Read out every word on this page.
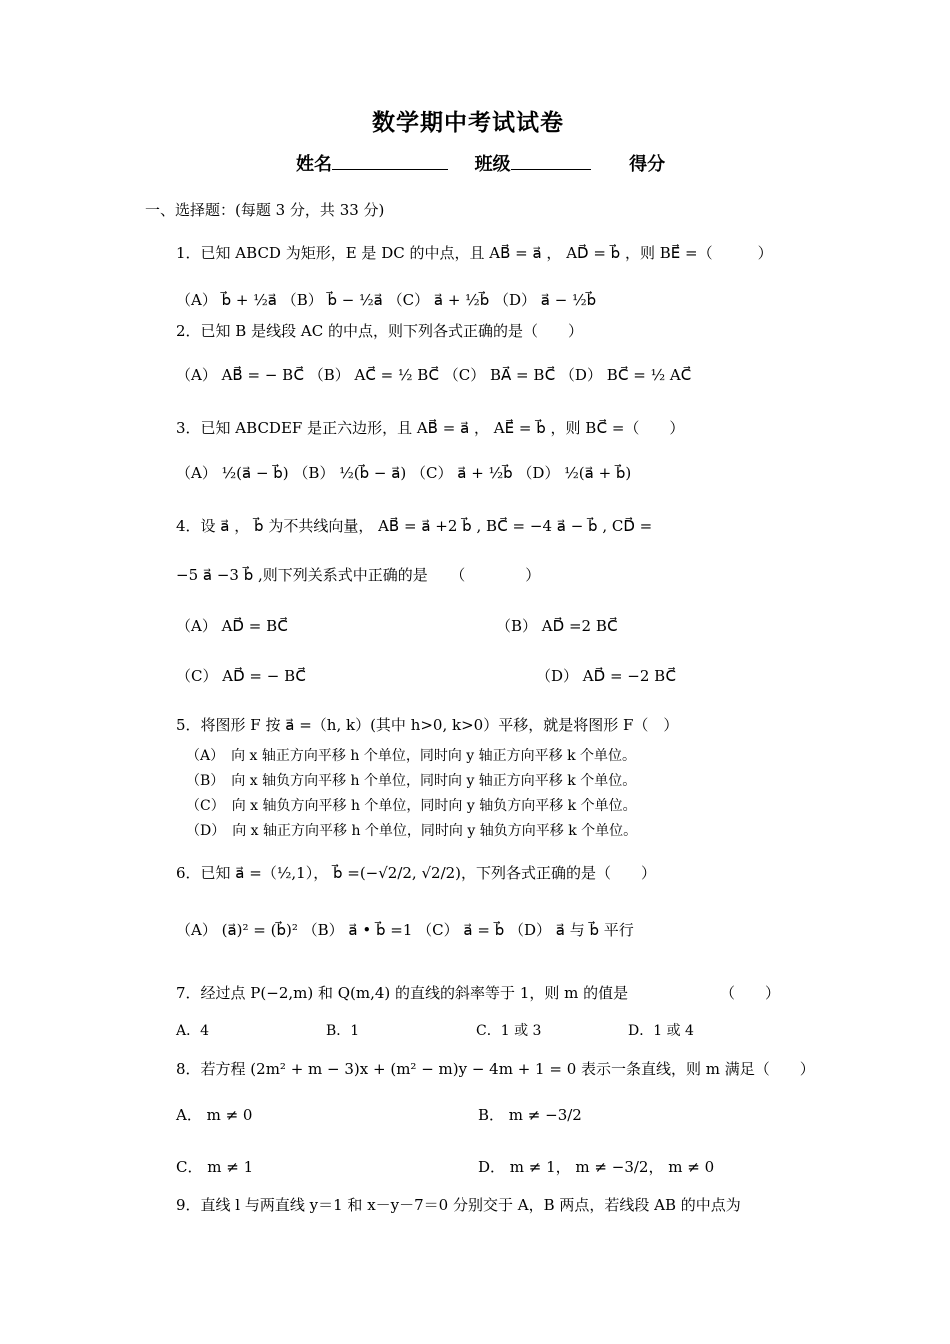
数学期中考试试卷
姓名	班级	得分
一、选择题：(每题 3 分，共 33 分)
1．已知 ABCD 为矩形，E 是 DC 的中点，且 AB⃗ = a⃗ ， AD⃗ = b⃗ ，则 BE⃗ =（　　　）
（A） b⃗ + ½a⃗ （B） b⃗ − ½a⃗ （C） a⃗ + ½b⃗ （D） a⃗ − ½b⃗
2．已知 B 是线段 AC 的中点，则下列各式正确的是（　　）
（A） AB⃗ = − BC⃗ （B） AC⃗ = ½ BC⃗ （C） BA⃗ = BC⃗ （D） BC⃗ = ½ AC⃗
3．已知 ABCDEF 是正六边形，且 AB⃗ = a⃗ ， AE⃗ = b⃗ ，则 BC⃗ =（　　）
（A） ½(a⃗ − b⃗) （B） ½(b⃗ − a⃗) （C） a⃗ + ½b⃗ （D） ½(a⃗ + b⃗)
4．设 a⃗ ， b⃗ 为不共线向量， AB⃗ = a⃗ +2 b⃗ , BC⃗ = −4 a⃗ − b⃗ , CD⃗ =
−5 a⃗ −3 b⃗ ,则下列关系式中正确的是　　（　　　　）
（A） AD⃗ = BC⃗	（B） AD⃗ =2 BC⃗
（C） AD⃗ = − BC⃗	（D） AD⃗ = −2 BC⃗
5．将图形 F 按 a⃗ =（h, k）(其中 h>0, k>0）平移，就是将图形 F（　）
（A）　向 x 轴正方向平移 h 个单位，同时向 y 轴正方向平移 k 个单位。
（B）　向 x 轴负方向平移 h 个单位，同时向 y 轴正方向平移 k 个单位。
（C）　向 x 轴负方向平移 h 个单位，同时向 y 轴负方向平移 k 个单位。
（D）　向 x 轴正方向平移 h 个单位，同时向 y 轴负方向平移 k 个单位。
6．已知 a⃗ =（½,1）， b⃗ =(−√2/2, √2/2)，下列各式正确的是（　　）
（A） (a⃗)² = (b⃗)² （B） a⃗ • b⃗ =1 （C） a⃗ = b⃗ （D） a⃗ 与 b⃗ 平行
7．经过点 P(−2,m) 和 Q(m,4) 的直线的斜率等于 1，则 m 的值是	（　　）
A．4	B．1	C．1 或 3	D．1 或 4
8．若方程 (2m² + m − 3)x + (m² − m)y − 4m + 1 = 0 表示一条直线，则 m 满足（　　）
A． m ≠ 0	B． m ≠ −3/2
C． m ≠ 1	D． m ≠ 1， m ≠ −3/2， m ≠ 0
9．直线 l 与两直线 y＝1 和 x－y－7＝0 分别交于 A，B 两点，若线段 AB 的中点为
